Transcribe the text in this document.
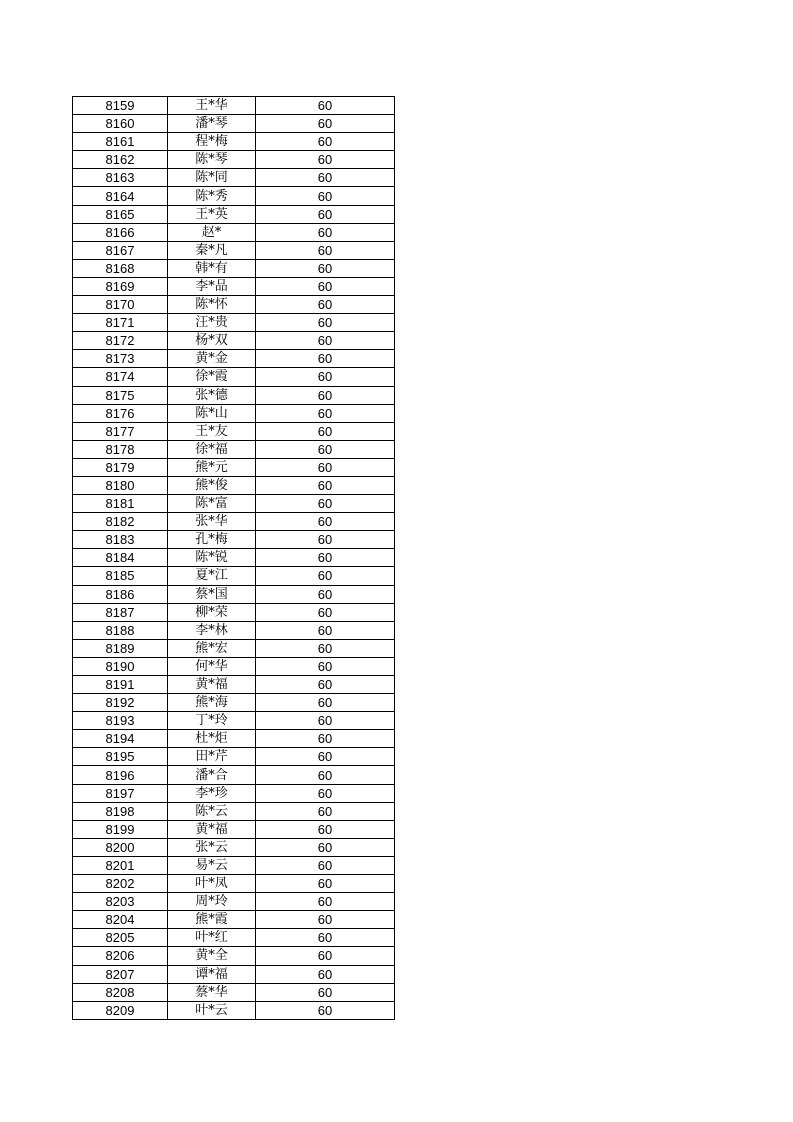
8159	王*华	60
8160	潘*琴	60
8161	程*梅	60
8162	陈*琴	60
8163	陈*同	60
8164	陈*秀	60
8165	王*英	60
8166	赵*	60
8167	秦*凡	60
8168	韩*有	60
8169	李*品	60
8170	陈*怀	60
8171	汪*贵	60
8172	杨*双	60
8173	黄*金	60
8174	徐*霞	60
8175	张*德	60
8176	陈*山	60
8177	王*友	60
8178	徐*福	60
8179	熊*元	60
8180	熊*俊	60
8181	陈*富	60
8182	张*华	60
8183	孔*梅	60
8184	陈*锐	60
8185	夏*江	60
8186	蔡*国	60
8187	柳*荣	60
8188	李*林	60
8189	熊*宏	60
8190	何*华	60
8191	黄*福	60
8192	熊*海	60
8193	丁*玲	60
8194	杜*炬	60
8195	田*芹	60
8196	潘*合	60
8197	李*珍	60
8198	陈*云	60
8199	黄*福	60
8200	张*云	60
8201	易*云	60
8202	叶*凤	60
8203	周*玲	60
8204	熊*霞	60
8205	叶*红	60
8206	黄*全	60
8207	谭*福	60
8208	蔡*华	60
8209	叶*云	60
